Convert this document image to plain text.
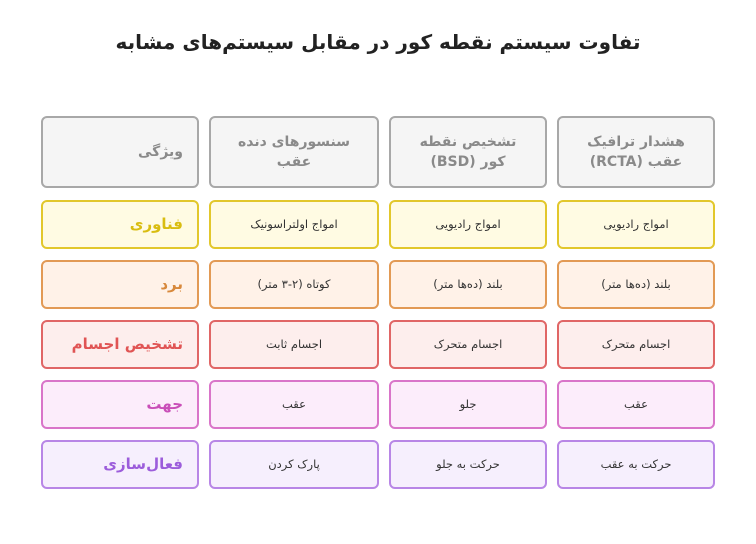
تفاوت سیستم نقطه کور در مقابل سیستم‌های مشابه
هشدار ترافیک عقب (RCTA)
تشخیص نقطه کور (BSD)
سنسورهای دنده عقب
ویژگی
امواج رادیویی
امواج رادیویی
امواج اولتراسونیک
فناوری
بلند (ده‌ها متر)
بلند (ده‌ها متر)
کوتاه (۲-۳ متر)
برد
اجسام متحرک
اجسام متحرک
اجسام ثابت
تشخیص اجسام
عقب
جلو
عقب
جهت
حرکت به عقب
حرکت به جلو
پارک کردن
فعال‌سازی
